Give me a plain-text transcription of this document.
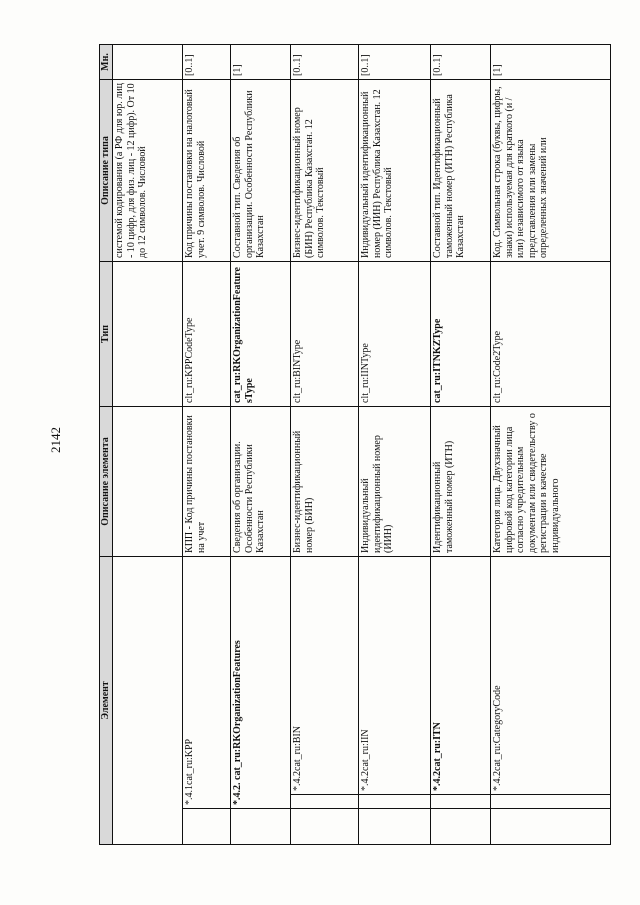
2142
Элемент			Описание элемента	Тип	Описание типа	Мн.
					системой кодирования (а РФ для юр. лиц - 10 цифр, для физ. лиц - 12 цифр). От 10 до 12 символов. Числовой	
	*.4.1cat_ru:KPP		КПП - Код причины постановки на учет	clt_ru:KPPCodeType	Код причины постановки на налоговый учет. 9 символов. Числовой	[0..1]
	*.4.2. cat_ru:RKOrganizationFeatures		Сведения об организации. Особенности Республики Казахстан	cat_ru:RKOrganizationFeaturesType	Составной тип. Сведения об организации. Особенности Республики Казахстан	[1]
		*.4.2cat_ru:BIN	Бизнес-идентификационный номер (БИН)	clt_ru:BINType	Бизнес-идентификационный номер (БИН) Республика Казахстан. 12 символов. Текстовый	[0..1]
		*.4.2cat_ru:IIN	Индивидуальный идентификационный номер (ИИН)	clt_ru:IINType	Индивидуальный идентификационный номер (ИИН) Республика Казахстан. 12 символов. Текстовый	[0..1]
		*.4.2cat_ru:ITN	Идентификационный таможенный номер (ИТН)	cat_ru:ITNKZType	Составной тип. Идентификационный таможенный номер (ИТН) Республика Казахстан	[0..1]
		*.4.2cat_ru:CategoryCode	Категория лица. Двухзначный цифровой код категории лица согласно учредительным документам или свидетельству о регистрации в качестве индивидуального	clt_ru:Code2Type	Код. Символьная строка (буквы, цифры, знаки) используемая для краткого (и /или) независимого от языка представления или замены определенных значений или	[1]
